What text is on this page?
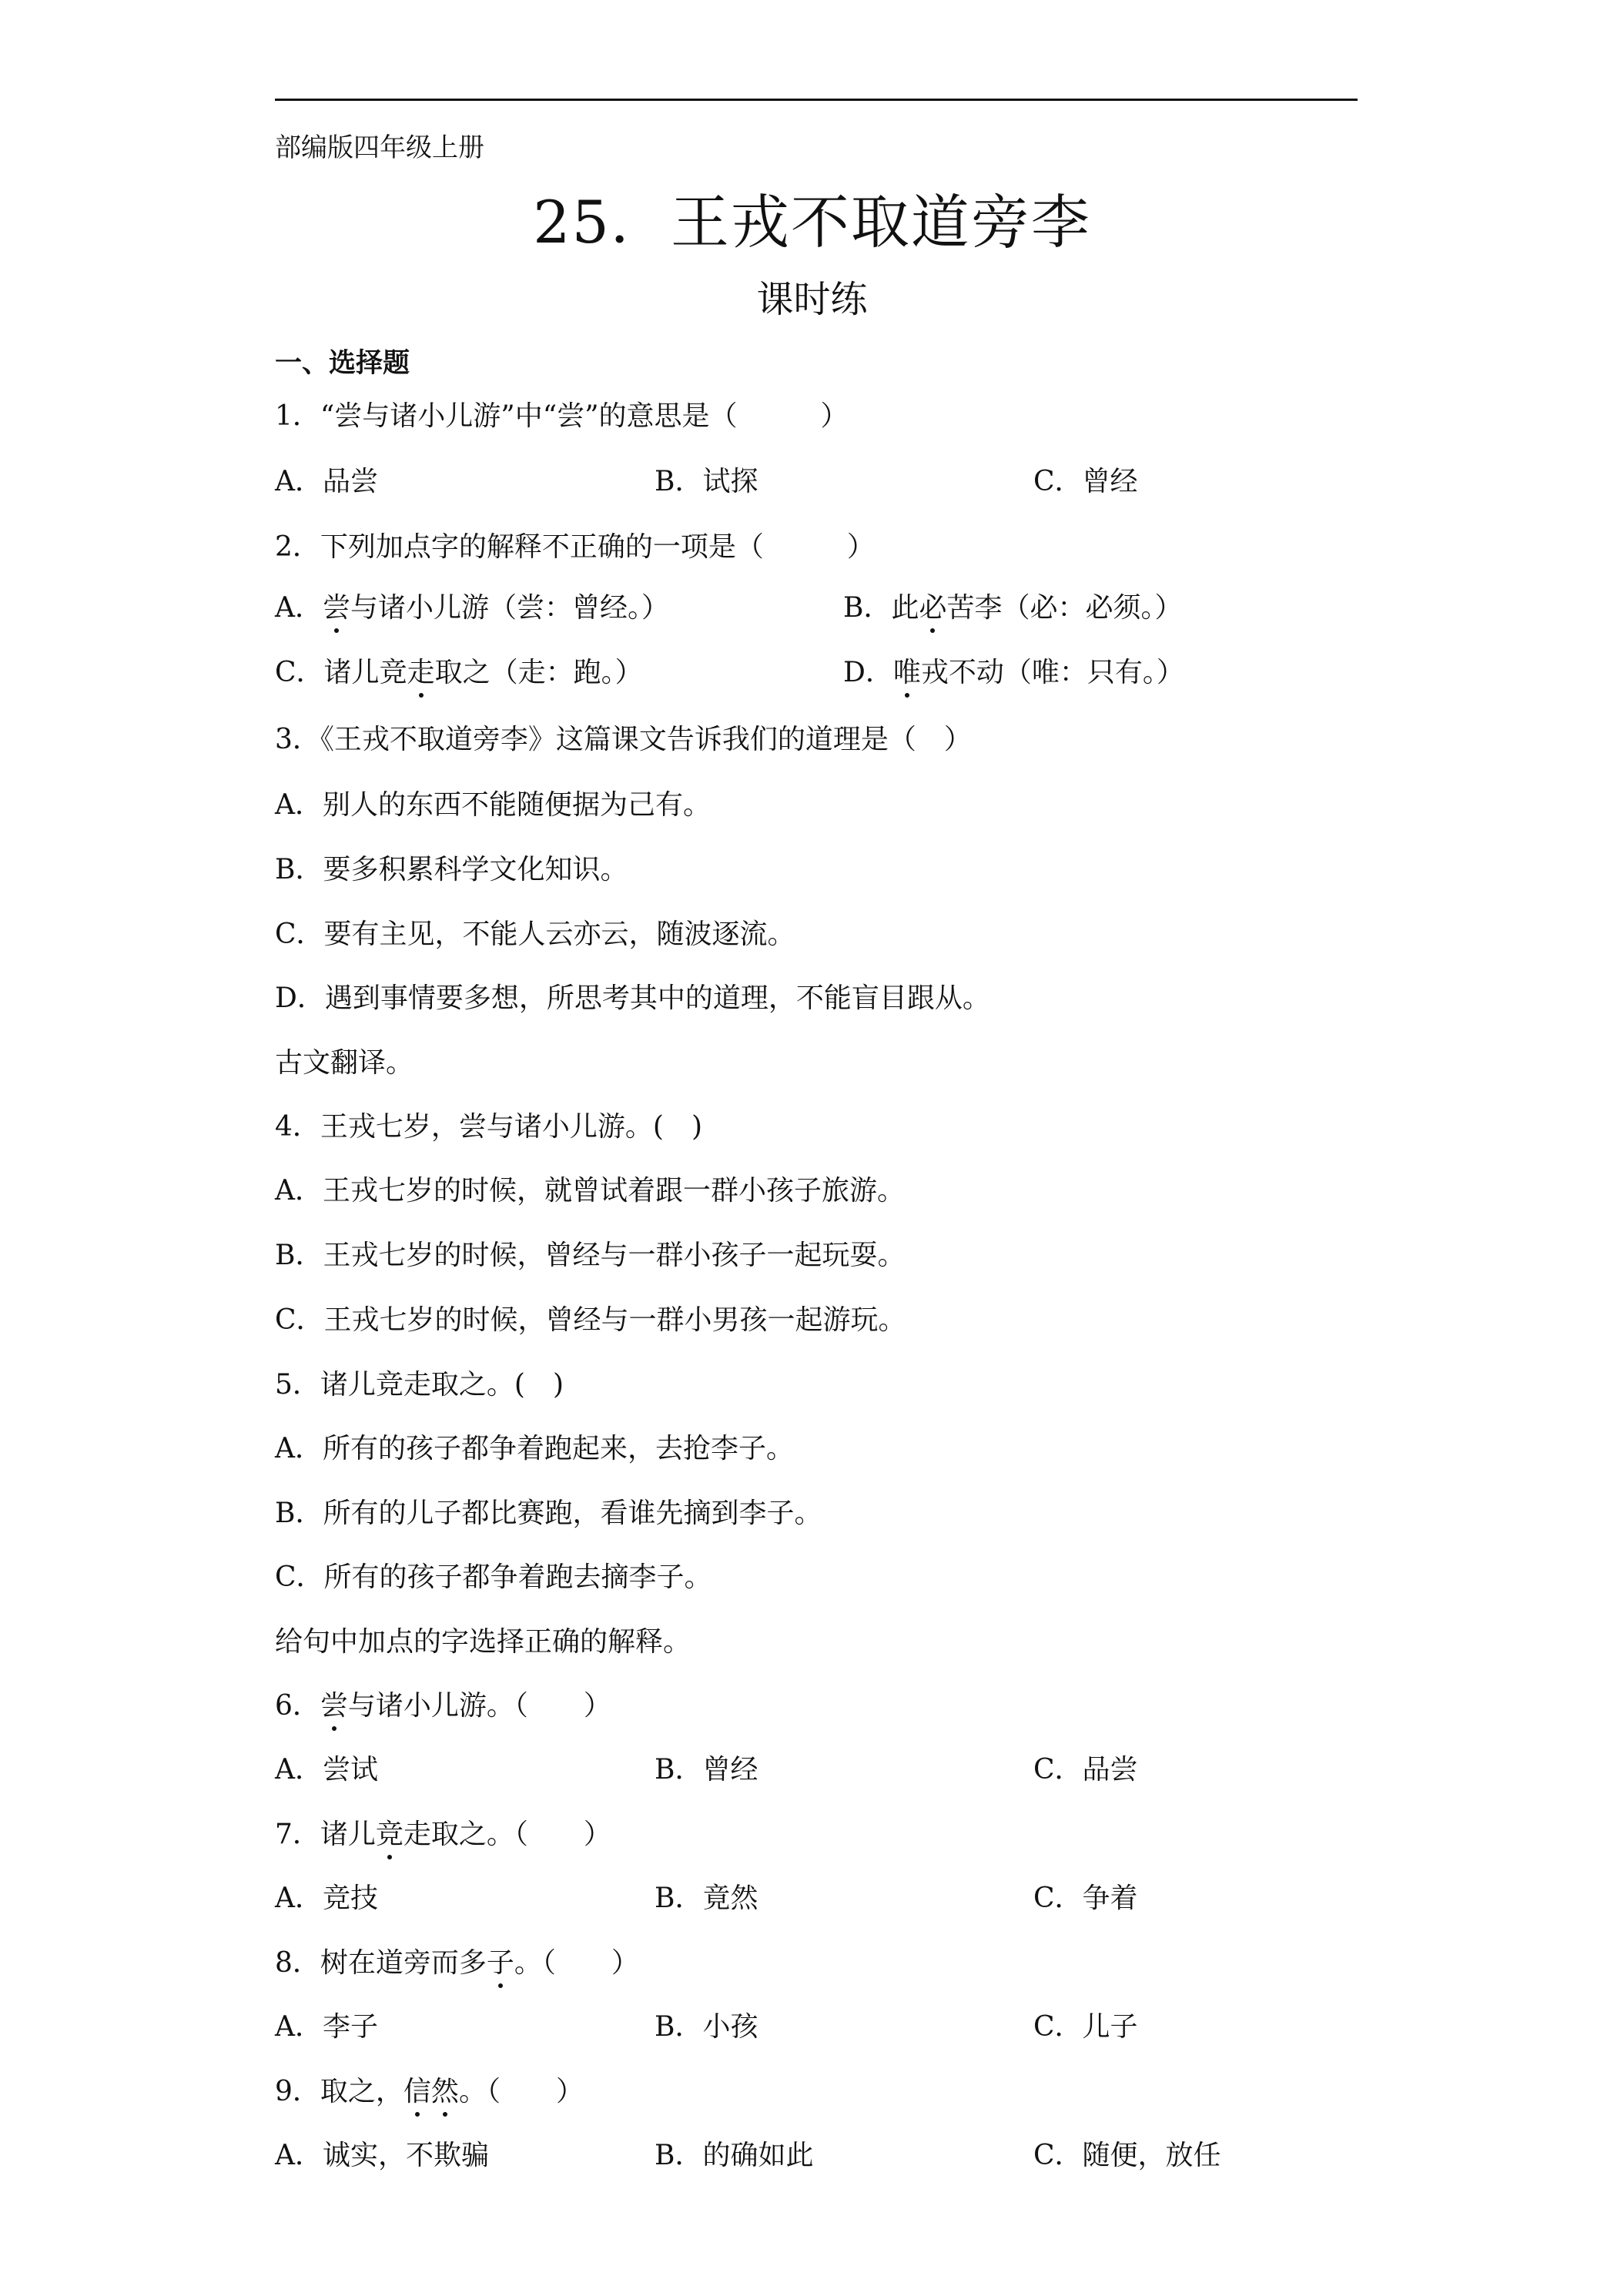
部编版四年级上册
25．王戎不取道旁李
课时练
一、选择题
1．“尝与诸小儿游”中“尝”的意思是（　　　）
A．品尝	B．试探	C．曾经
2．下列加点字的解释不正确的一项是（　　　）
A．尝与诸小儿游（尝：曾经。）	B．此必苦李（必：必须。）
C．诸儿竞走取之（走：跑。）	D．唯戎不动（唯：只有。）
3．《王戎不取道旁李》这篇课文告诉我们的道理是（　）
A．别人的东西不能随便据为己有。
B．要多积累科学文化知识。
C．要有主见，不能人云亦云，随波逐流。
D．遇到事情要多想，所思考其中的道理，不能盲目跟从。
古文翻译。
4．王戎七岁，尝与诸小儿游。(　)
A．王戎七岁的时候，就曾试着跟一群小孩子旅游。
B．王戎七岁的时候，曾经与一群小孩子一起玩耍。
C．王戎七岁的时候，曾经与一群小男孩一起游玩。
5．诸儿竞走取之。(　)
A．所有的孩子都争着跑起来，去抢李子。
B．所有的儿子都比赛跑，看谁先摘到李子。
C．所有的孩子都争着跑去摘李子。
给句中加点的字选择正确的解释。
6．尝与诸小儿游。（　　）
A．尝试	B．曾经	C．品尝
7．诸儿竞走取之。（　　）
A．竞技	B．竟然	C．争着
8．树在道旁而多子。（　　）
A．李子	B．小孩	C．儿子
9．取之，信然。（　　）
A．诚实，不欺骗	B．的确如此	C．随便，放任
